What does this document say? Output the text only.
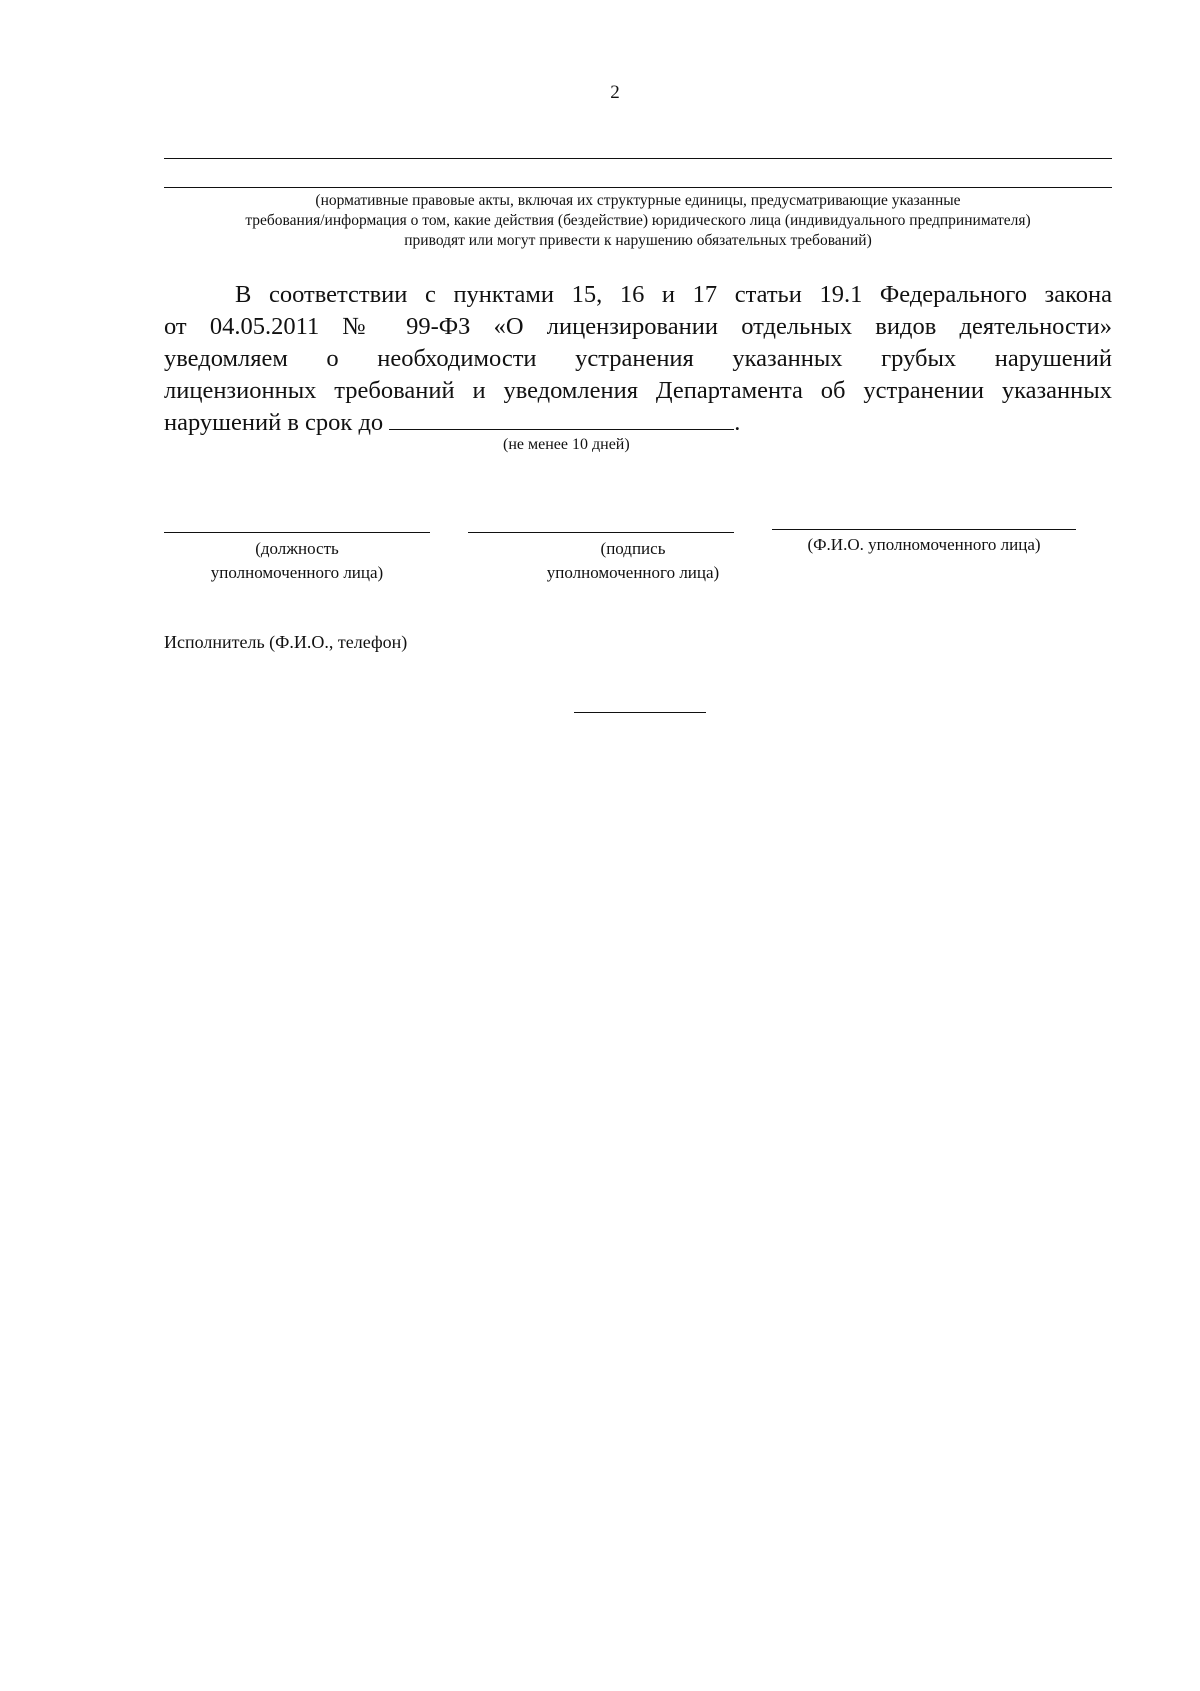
2
(нормативные правовые акты, включая их структурные единицы, предусматривающие указанные
требования/информация о том, какие действия (бездействие) юридического лица (индивидуального предпринимателя)
приводят или могут привести к нарушению обязательных требований)
В соответствии с пунктами 15, 16 и 17 статьи 19.1 Федерального закона
от 04.05.2011 № 99-ФЗ «О лицензировании отдельных видов деятельности»
уведомляем о необходимости устранения указанных грубых нарушений
лицензионных требований и уведомления Департамента об устранении указанных
нарушений в срок до	.
(не менее 10 дней)
(должность
уполномоченного лица)
(подпись
уполномоченного лица)
(Ф.И.О. уполномоченного лица)
Исполнитель (Ф.И.О., телефон)
